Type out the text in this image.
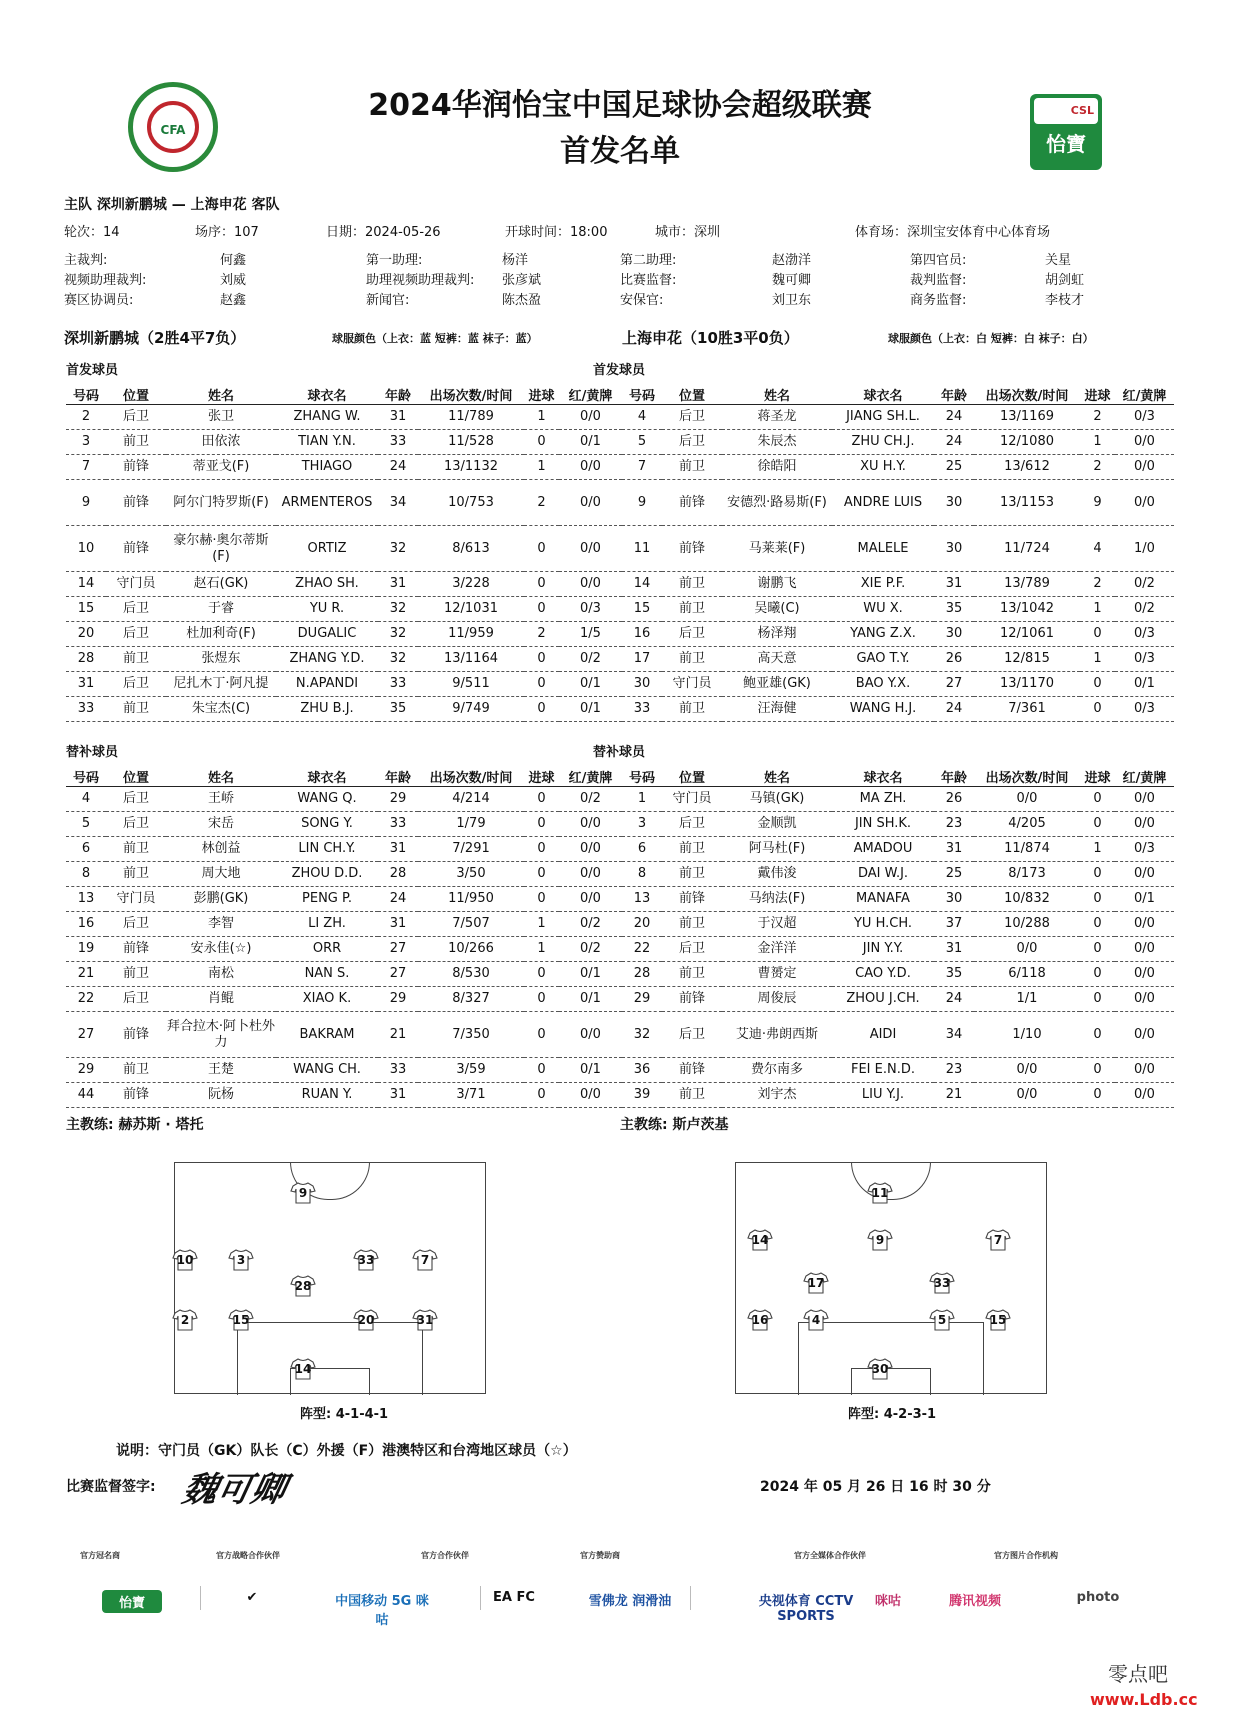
CFA
2024华润怡宝中国足球协会超级联赛
首发名单
CSL
怡寶
主队 深圳新鹏城 — 上海申花 客队
轮次：14	场序：107	日期：2024-05-26	开球时间：18:00	城市：深圳	体育场：深圳宝安体育中心体育场
主裁判:	何鑫	第一助理:	杨洋	第二助理:	赵渤洋	第四官员:	关星
视频助理裁判:	刘威	助理视频助理裁判: 张彦斌	比赛监督:	魏可卿	裁判监督:	胡剑虹
赛区协调员:	赵鑫	新闻官:	陈杰盈	安保官:	刘卫东	商务监督:	李枝才
深圳新鹏城（2胜4平7负）	球服颜色（上衣：蓝 短裤：蓝 袜子：蓝）	上海申花（10胜3平0负）	球服颜色（上衣：白 短裤：白 袜子：白）
首发球员	首发球员
号码	位置	姓名	球衣名	年龄	出场次数/时间	进球	红/黄牌
2	后卫	张卫	ZHANG W.	31	11/789	1	0/0
3	前卫	田依浓	TIAN Y.N.	33	11/528	0	0/1
7	前锋	蒂亚戈(F)	THIAGO	24	13/1132	1	0/0
9	前锋	阿尔门特罗斯(F)	ARMENTEROS	34	10/753	2	0/0
10	前锋	豪尔赫·奥尔蒂斯(F)	ORTIZ	32	8/613	0	0/0
14	守门员	赵石(GK)	ZHAO SH.	31	3/228	0	0/0
15	后卫	于睿	YU R.	32	12/1031	0	0/3
20	后卫	杜加利奇(F)	DUGALIC	32	11/959	2	1/5
28	前卫	张煜东	ZHANG Y.D.	32	13/1164	0	0/2
31	后卫	尼扎木丁·阿凡提	N.APANDI	33	9/511	0	0/1
33	前卫	朱宝杰(C)	ZHU B.J.	35	9/749	0	0/1
号码	位置	姓名	球衣名	年龄	出场次数/时间	进球	红/黄牌
4	后卫	蒋圣龙	JIANG SH.L.	24	13/1169	2	0/3
5	后卫	朱辰杰	ZHU CH.J.	24	12/1080	1	0/0
7	前卫	徐皓阳	XU H.Y.	25	13/612	2	0/0
9	前锋	安德烈·路易斯(F)	ANDRE LUIS	30	13/1153	9	0/0
11	前锋	马莱莱(F)	MALELE	30	11/724	4	1/0
14	前卫	谢鹏飞	XIE P.F.	31	13/789	2	0/2
15	前卫	吴曦(C)	WU X.	35	13/1042	1	0/2
16	后卫	杨泽翔	YANG Z.X.	30	12/1061	0	0/3
17	前卫	高天意	GAO T.Y.	26	12/815	1	0/3
30	守门员	鲍亚雄(GK)	BAO Y.X.	27	13/1170	0	0/1
33	前卫	汪海健	WANG H.J.	24	7/361	0	0/3
替补球员	替补球员
号码	位置	姓名	球衣名	年龄	出场次数/时间	进球	红/黄牌
4	后卫	王峤	WANG Q.	29	4/214	0	0/2
5	后卫	宋岳	SONG Y.	33	1/79	0	0/0
6	前卫	林创益	LIN CH.Y.	31	7/291	0	0/0
8	前卫	周大地	ZHOU D.D.	28	3/50	0	0/0
13	守门员	彭鹏(GK)	PENG P.	24	11/950	0	0/0
16	后卫	李智	LI ZH.	31	7/507	1	0/2
19	前锋	安永佳(☆)	ORR	27	10/266	1	0/2
21	前卫	南松	NAN S.	27	8/530	0	0/1
22	后卫	肖鲲	XIAO K.	29	8/327	0	0/1
27	前锋	拜合拉木·阿卜杜外力	BAKRAM	21	7/350	0	0/0
29	前卫	王楚	WANG CH.	33	3/59	0	0/1
44	前锋	阮杨	RUAN Y.	31	3/71	0	0/0
号码	位置	姓名	球衣名	年龄	出场次数/时间	进球	红/黄牌
1	守门员	马镇(GK)	MA ZH.	26	0/0	0	0/0
3	后卫	金顺凯	JIN SH.K.	23	4/205	0	0/0
6	前卫	阿马杜(F)	AMADOU	31	11/874	1	0/3
8	前卫	戴伟浚	DAI W.J.	25	8/173	0	0/0
13	前锋	马纳法(F)	MANAFA	30	10/832	0	0/1
20	前卫	于汉超	YU H.CH.	37	10/288	0	0/0
22	后卫	金洋洋	JIN Y.Y.	31	0/0	0	0/0
28	前卫	曹赟定	CAO Y.D.	35	6/118	0	0/0
29	前锋	周俊辰	ZHOU J.CH.	24	1/1	0	0/0
32	后卫	艾迪·弗朗西斯	AIDI	34	1/10	0	0/0
36	前锋	费尔南多	FEI E.N.D.	23	0/0	0	0/0
39	前卫	刘宇杰	LIU Y.J.	21	0/0	0	0/0
主教练: 赫苏斯 · 塔托	主教练: 斯卢茨基
9
10	3	33	7
28
2	15	20	31
14
11
14	9	7
17	33
16	4	5	15
30
阵型: 4-1-4-1	阵型: 4-2-3-1
说明：守门员（GK）队长（C）外援（F）港澳特区和台湾地区球员（☆）
比赛监督签字: 魏可卿	2024 年 05 月 26 日 16 时 30 分
官方冠名商	官方战略合作伙伴	官方合作伙伴	官方赞助商	官方全媒体合作伙伴	官方图片合作机构
怡寶	✔	中国移动 5G 咪咕
EA FC	雪佛龙 润滑油	央视体育 CCTV SPORTS
咪咕	腾讯视频	photo
零点吧
www.Ldb.cc
